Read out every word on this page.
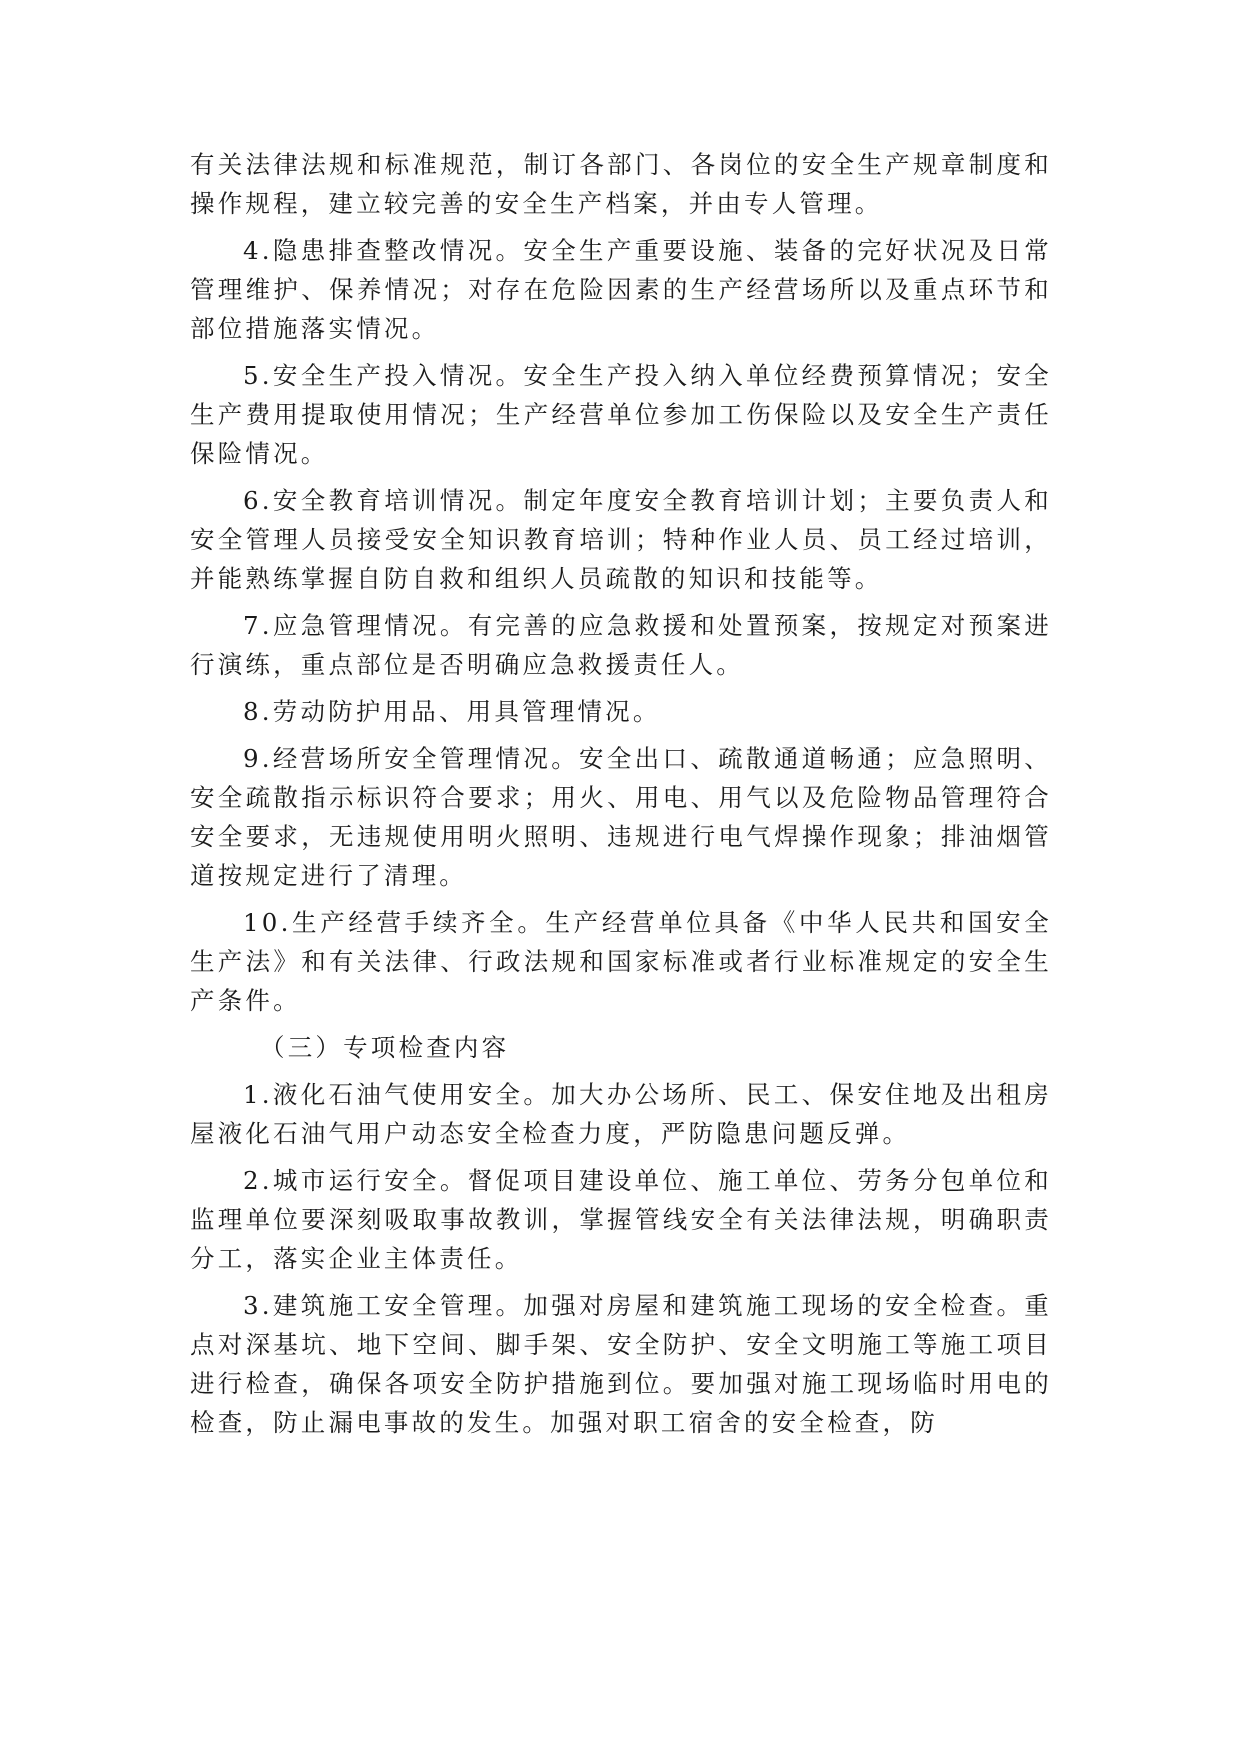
有关法律法规和标准规范，制订各部门、各岗位的安全生产规章制度和操作规程，建立较完善的安全生产档案，并由专人管理。

4.隐患排查整改情况。安全生产重要设施、装备的完好状况及日常管理维护、保养情况；对存在危险因素的生产经营场所以及重点环节和部位措施落实情况。

5.安全生产投入情况。安全生产投入纳入单位经费预算情况；安全生产费用提取使用情况；生产经营单位参加工伤保险以及安全生产责任保险情况。

6.安全教育培训情况。制定年度安全教育培训计划；主要负责人和安全管理人员接受安全知识教育培训；特种作业人员、员工经过培训，并能熟练掌握自防自救和组织人员疏散的知识和技能等。

7.应急管理情况。有完善的应急救援和处置预案，按规定对预案进行演练，重点部位是否明确应急救援责任人。

8.劳动防护用品、用具管理情况。

9.经营场所安全管理情况。安全出口、疏散通道畅通；应急照明、安全疏散指示标识符合要求；用火、用电、用气以及危险物品管理符合安全要求，无违规使用明火照明、违规进行电气焊操作现象；排油烟管道按规定进行了清理。

10.生产经营手续齐全。生产经营单位具备《中华人民共和国安全生产法》和有关法律、行政法规和国家标准或者行业标准规定的安全生产条件。

（三）专项检查内容

1.液化石油气使用安全。加大办公场所、民工、保安住地及出租房屋液化石油气用户动态安全检查力度，严防隐患问题反弹。

2.城市运行安全。督促项目建设单位、施工单位、劳务分包单位和监理单位要深刻吸取事故教训，掌握管线安全有关法律法规，明确职责分工，落实企业主体责任。

3.建筑施工安全管理。加强对房屋和建筑施工现场的安全检查。重点对深基坑、地下空间、脚手架、安全防护、安全文明施工等施工项目进行检查，确保各项安全防护措施到位。要加强对施工现场临时用电的检查，防止漏电事故的发生。加强对职工宿舍的安全检查，防
